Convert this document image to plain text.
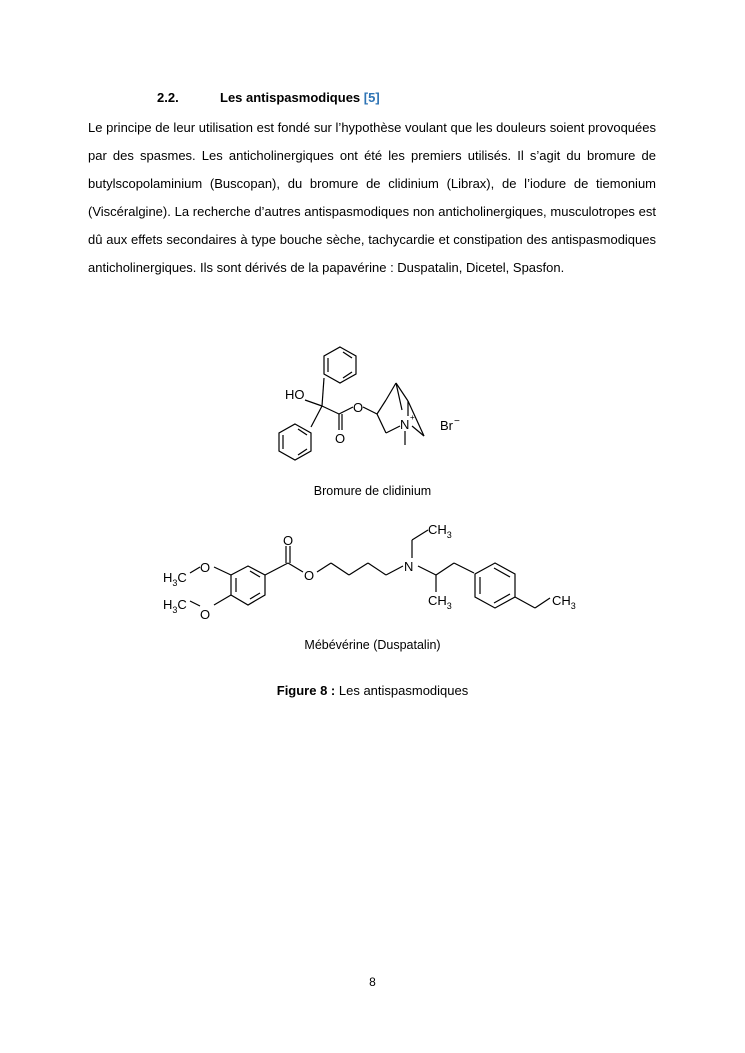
2.2.	Les antispasmodiques [5]

Le principe de leur utilisation est fondé sur l’hypothèse voulant que les douleurs soient provoquées par des spasmes. Les anticholinergiques ont été les premiers utilisés. Il s’agit du bromure de butylscopolaminium (Buscopan), du bromure de clidinium (Librax), de l’iodure de tiemonium (Viscéralgine). La recherche d’autres antispasmodiques non anticholinergiques, musculotropes est dû aux effets secondaires à type bouche sèche, tachycardie et constipation des antispasmodiques anticholinergiques. Ils sont dérivés de la papavérine : Duspatalin, Dicetel, Spasfon.

HO
O
O
N +
Br −
Bromure de clidinium
$H_3C$
O
$H_3C$
O
O
O
N
$CH_3$
$CH_3$	$CH_3$
Mébévérine (Duspatalin)
Figure 8 : Les antispasmodiques
8
